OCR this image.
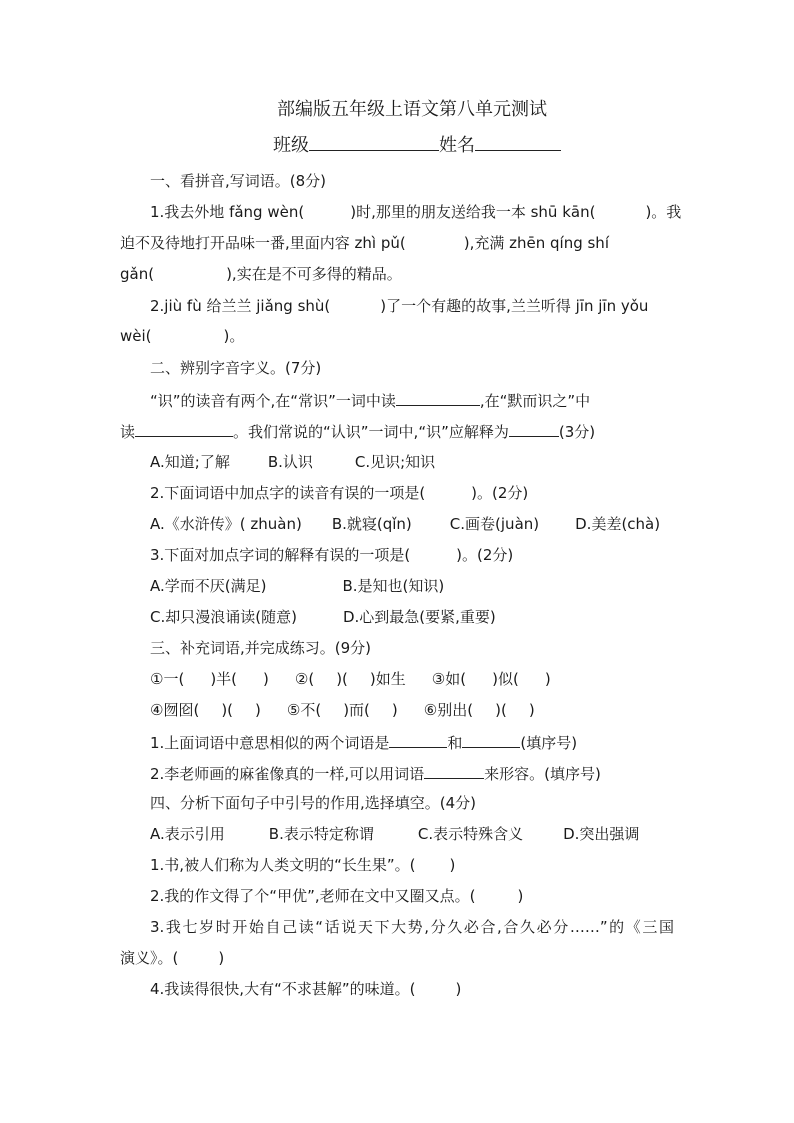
部编版五年级上语文第八单元测试
班级	姓名
一、看拼音,写词语。(8分)
1.我去外地 fǎng wèn(	)时,那里的朋友送给我一本 shū kān(	)。我
迫不及待地打开品味一番,里面内容 zhì pǔ(	),充满 zhēn qíng shí
gǎn(	),实在是不可多得的精品。
2.jiù fù 给兰兰 jiǎng shù(	)了一个有趣的故事,兰兰听得 jīn jīn yǒu
wèi(	)。
二、辨别字音字义。(7分)
“识”的读音有两个,在“常识”一词中读	,在“默而识之”中
读	。我们常说的“认识”一词中,“识”应解释为	(3分)
A.知道;了解	B.认识	C.见识;知识
2.下面词语中加点字的读音有误的一项是(	)。(2分)
A.《水浒传》( zhuàn) B.就寝(qǐn)	C.画卷(juàn) D.美差(chà)
3.下面对加点字词的解释有误的一项是(	)。(2分)
A.学而不厌(满足)	B.是知也(知识)
C.却只漫浪诵读(随意)	D.心到最急(要紧,重要)
三、补充词语,并完成练习。(9分)
①一( )半( ) ②( )( )如生 ③如( )似( )
④囫囵( )( ) ⑤不( )而( ) ⑥别出( )( )
1.上面词语中意思相似的两个词语是	和	(填序号)
2.李老师画的麻雀像真的一样,可以用词语	来形容。(填序号)
四、分析下面句子中引号的作用,选择填空。(4分)
A.表示引用	B.表示特定称谓	C.表示特殊含义	D.突出强调
1.书,被人们称为人类文明的“长生果”。( )
2.我的作文得了个“甲优”,老师在文中又圈又点。(	)
3.我七岁时开始自己读“话说天下大势,分久必合,合久必分……”的《三国
演义》。(	)
4.我读得很快,大有“不求甚解”的味道。(	)
